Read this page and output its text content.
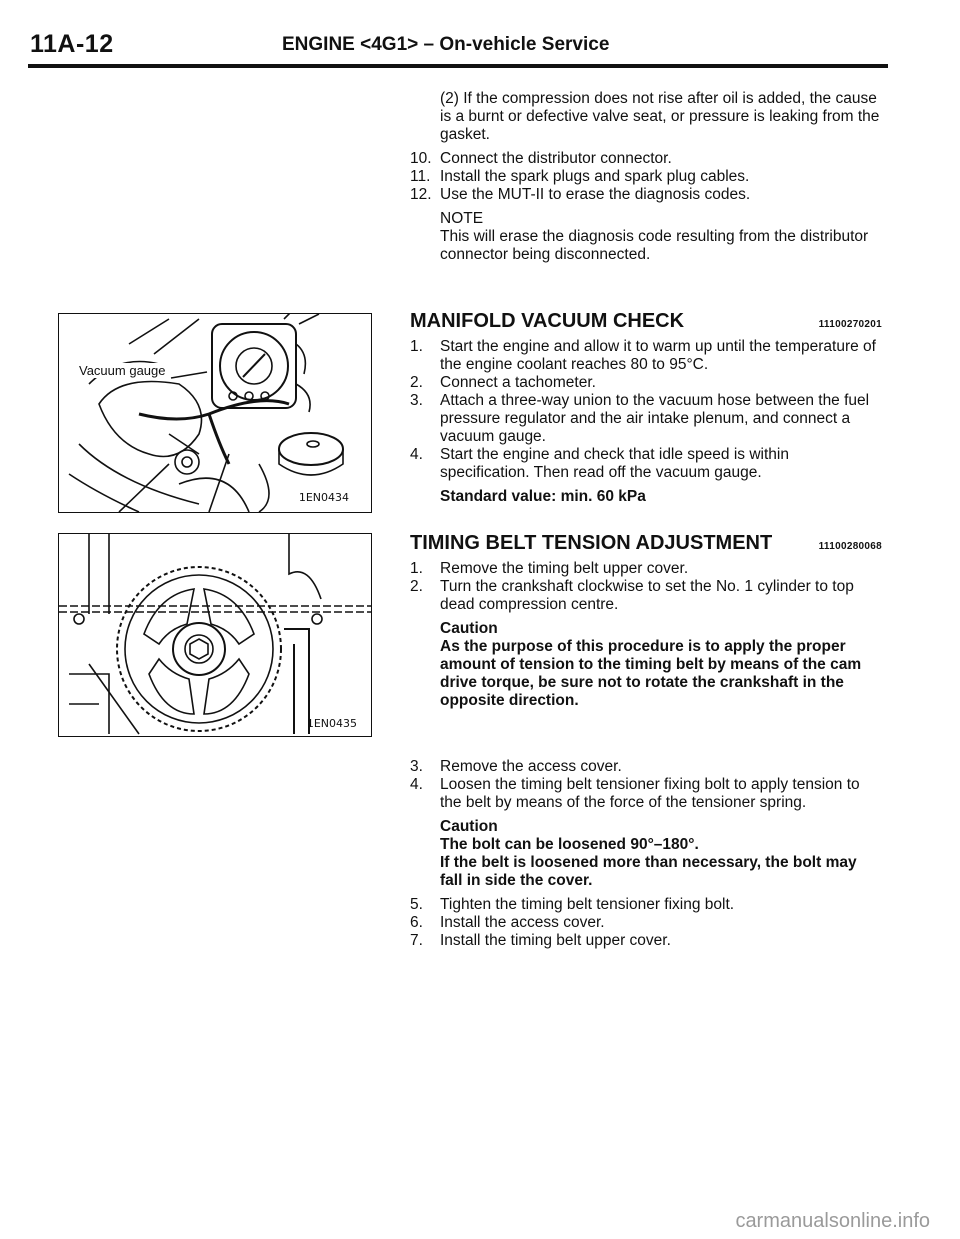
11A-12	ENGINE <4G1> – On-vehicle Service

(2) If the compression does not rise after oil is added, the cause is a burnt or defective valve seat, or pressure is leaking from the gasket.

10. Connect the distributor connector.
11. Install the spark plugs and spark plug cables.
12. Use the MUT-II to erase the diagnosis codes.

NOTE

This will erase the diagnosis code resulting from the distributor connector being disconnected.

MANIFOLD VACUUM CHECK	11100270201
1.	Start the engine and allow it to warm up until the temperature of the engine coolant reaches 80 to 95°C.
2.	Connect a tachometer.
3.	Attach a three-way union to the vacuum hose between the fuel pressure regulator and the air intake plenum, and connect a vacuum gauge.
4.	Start the engine and check that idle speed is within specification. Then read off the vacuum gauge.

Standard value: min. 60 kPa

TIMING BELT TENSION ADJUSTMENT	11100280068
1.	Remove the timing belt upper cover.
2.	Turn the crankshaft clockwise to set the No. 1 cylinder to top dead compression centre.

Caution

As the purpose of this procedure is to apply the proper amount of tension to the timing belt by means of the cam drive torque, be sure not to rotate the crankshaft in the opposite direction.

3.	Remove the access cover.
4.	Loosen the timing belt tensioner fixing bolt to apply tension to the belt by means of the force of the tensioner spring.

Caution

The bolt can be loosened 90°–180°.

If the belt is loosened more than necessary, the bolt may fall in side the cover.

5.	Tighten the timing belt tensioner fixing bolt.
6.	Install the access cover.
7.	Install the timing belt upper cover.
Vacuum gauge
1EN0434
1EN0435
carmanualsonline.info
